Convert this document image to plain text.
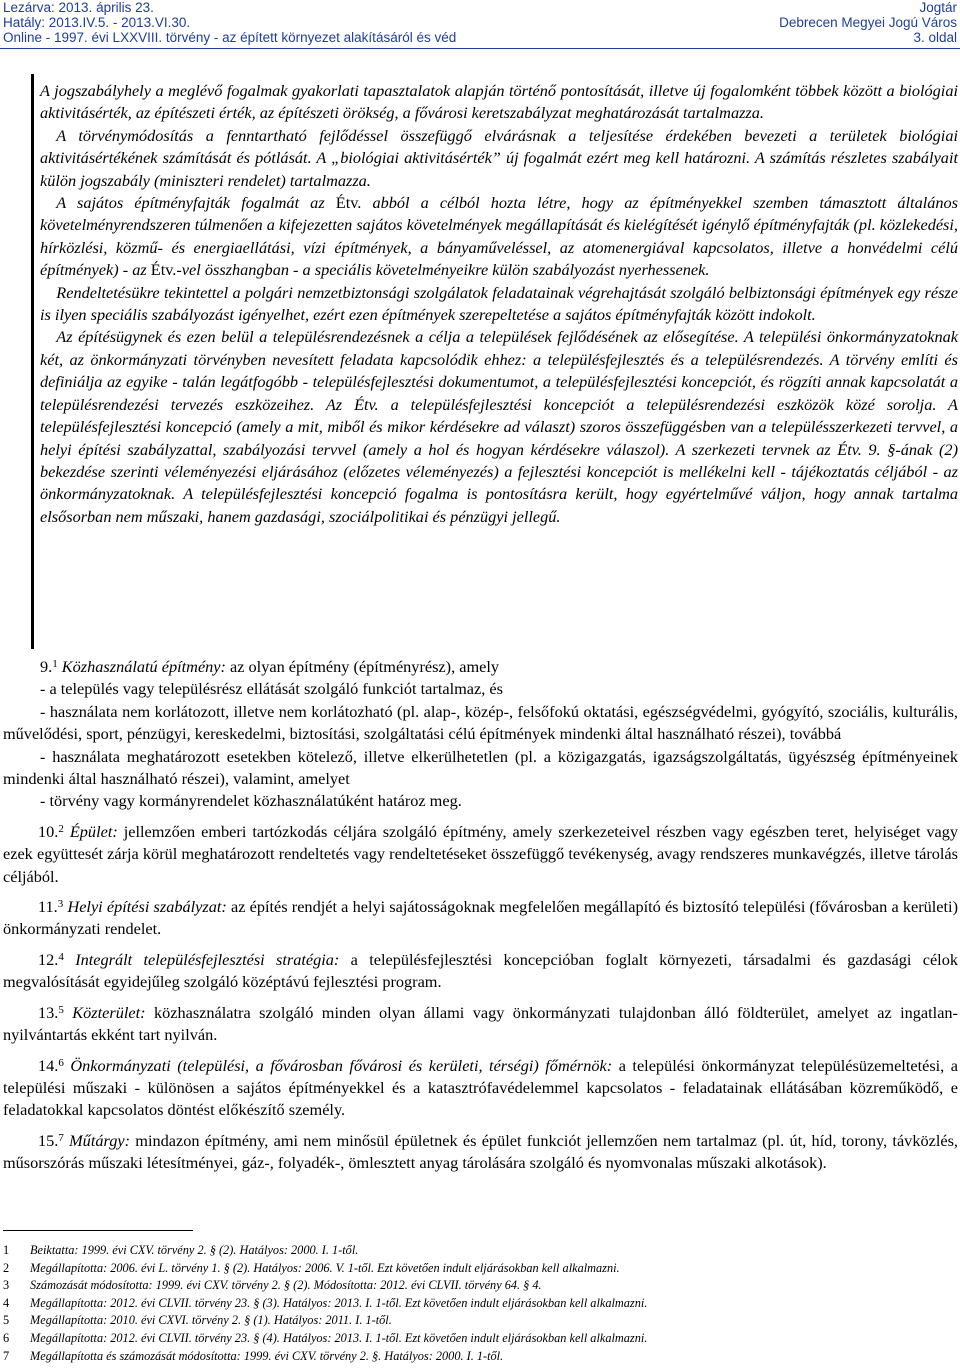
Lezárva: 2013. április 23.
Hatály: 2013.IV.5. - 2013.VI.30.
Online - 1997. évi LXXVIII. törvény - az épített környezet alakításáról és véd
Jogtár
Debrecen Megyei Jogú Város
3. oldal

A jogszabályhely a meglévő fogalmak gyakorlati tapasztalatok alapján történő pontosítását, illetve új fogalomként többek között a biológiai aktivitásérték, az építészeti érték, az építészeti örökség, a fővárosi keretszabályzat meghatározását tartalmazza.

A törvénymódosítás a fenntartható fejlődéssel összefüggő elvárásnak a teljesítése érdekében bevezeti a területek biológiai aktivitásértékének számítását és pótlását. A „biológiai aktivitásérték” új fogalmát ezért meg kell határozni. A számítás részletes szabályait külön jogszabály (miniszteri rendelet) tartalmazza.

A sajátos építményfajták fogalmát az Étv. abból a célból hozta létre, hogy az építményekkel szemben támasztott általános követelményrendszeren túlmenően a kifejezetten sajátos követelmények megállapítását és kielégítését igénylő építményfajták (pl. közlekedési, hírközlési, közmű- és energiaellátási, vízi építmények, a bányaműveléssel, az atomenergiával kapcsolatos, illetve a honvédelmi célú építmények) - az Étv.-vel összhangban - a speciális követelményeikre külön szabályozást nyerhessenek.

Rendeltetésükre tekintettel a polgári nemzetbiztonsági szolgálatok feladatainak végrehajtását szolgáló belbiztonsági építmények egy része is ilyen speciális szabályozást igényelhet, ezért ezen építmények szerepeltetése a sajátos építményfajták között indokolt.

Az építésügynek és ezen belül a településrendezésnek a célja a települések fejlődésének az elősegítése. A települési önkormányzatoknak két, az önkormányzati törvényben nevesített feladata kapcsolódik ehhez: a településfejlesztés és a településrendezés. A törvény említi és definiálja az egyike - talán legátfogóbb - településfejlesztési dokumentumot, a településfejlesztési koncepciót, és rögzíti annak kapcsolatát a településrendezési tervezés eszközeihez. Az Étv. a településfejlesztési koncepciót a településrendezési eszközök közé sorolja. A településfejlesztési koncepció (amely a mit, miből és mikor kérdésekre ad választ) szoros összefüggésben van a településszerkezeti tervvel, a helyi építési szabályzattal, szabályozási tervvel (amely a hol és hogyan kérdésekre válaszol). A szerkezeti tervnek az Étv. 9. §-ának (2) bekezdése szerinti véleményezési eljárásához (előzetes véleményezés) a fejlesztési koncepciót is mellékelni kell - tájékoztatás céljából - az önkormányzatoknak. A településfejlesztési koncepció fogalma is pontosításra került, hogy egyértelművé váljon, hogy annak tartalma elsősorban nem műszaki, hanem gazdasági, szociálpolitikai és pénzügyi jellegű.

9.$^1$ Közhasználatú építmény: az olyan építmény (építményrész), amely

- a település vagy településrész ellátását szolgáló funkciót tartalmaz, és

- használata nem korlátozott, illetve nem korlátozható (pl. alap-, közép-, felsőfokú oktatási, egészségvédelmi, gyógyító, szociális, kulturális, művelődési, sport, pénzügyi, kereskedelmi, biztosítási, szolgáltatási célú építmények mindenki által használható részei), továbbá

- használata meghatározott esetekben kötelező, illetve elkerülhetetlen (pl. a közigazgatás, igazságszolgáltatás, ügyészség építményeinek mindenki által használható részei), valamint, amelyet

- törvény vagy kormányrendelet közhasználatúként határoz meg.

10.$^2$ Épület: jellemzően emberi tartózkodás céljára szolgáló építmény, amely szerkezeteivel részben vagy egészben teret, helyiséget vagy ezek együttesét zárja körül meghatározott rendeltetés vagy rendeltetéseket összefüggő tevékenység, avagy rendszeres munkavégzés, illetve tárolás céljából.

11.$^3$ Helyi építési szabályzat: az építés rendjét a helyi sajátosságoknak megfelelően megállapító és biztosító települési (fővárosban a kerületi) önkormányzati rendelet.

12.$^4$ Integrált településfejlesztési stratégia: a településfejlesztési koncepcióban foglalt környezeti, társadalmi és gazdasági célok megvalósítását egyidejűleg szolgáló középtávú fejlesztési program.

13.$^5$ Közterület: közhasználatra szolgáló minden olyan állami vagy önkormányzati tulajdonban álló földterület, amelyet az ingatlan-nyilvántartás ekként tart nyilván.

14.$^6$ Önkormányzati (települési, a fővárosban fővárosi és kerületi, térségi) főmérnök: a települési önkormányzat településüzemeltetési, a települési műszaki - különösen a sajátos építményekkel és a katasztrófavédelemmel kapcsolatos - feladatainak ellátásában közreműködő, e feladatokkal kapcsolatos döntést előkészítő személy.

15.$^7$ Műtárgy: mindazon építmény, ami nem minősül épületnek és épület funkciót jellemzően nem tartalmaz (pl. út, híd, torony, távközlés, műsorszórás műszaki létesítményei, gáz-, folyadék-, ömlesztett anyag tárolására szolgáló és nyomvonalas műszaki alkotások).

1 Beiktatta: 1999. évi CXV. törvény 2. § (2). Hatályos: 2000. I. 1-től.
2 Megállapította: 2006. évi L. törvény 1. § (2). Hatályos: 2006. V. 1-től. Ezt követően indult eljárásokban kell alkalmazni.
3 Számozását módosította: 1999. évi CXV. törvény 2. § (2). Módosította: 2012. évi CLVII. törvény 64. § 4.
4 Megállapította: 2012. évi CLVII. törvény 23. § (3). Hatályos: 2013. I. 1-től. Ezt követően indult eljárásokban kell alkalmazni.
5 Megállapította: 2010. évi CXVI. törvény 2. § (1). Hatályos: 2011. I. 1-től.
6 Megállapította: 2012. évi CLVII. törvény 23. § (4). Hatályos: 2013. I. 1-től. Ezt követően indult eljárásokban kell alkalmazni.
7 Megállapította és számozását módosította: 1999. évi CXV. törvény 2. §. Hatályos: 2000. I. 1-től.
